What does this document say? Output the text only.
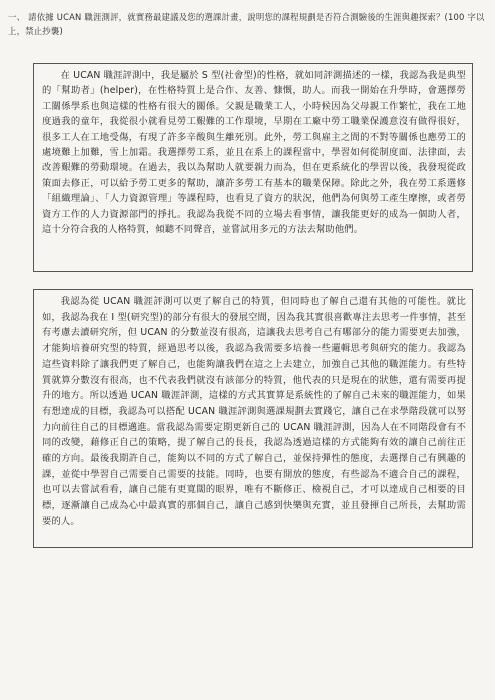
一、 請依據 UCAN 職涯測評，就實務最建議及您的選課計畫，說明您的課程規劃是否符合測驗後的生涯與趣探索？(100 字以上，禁止抄襲)

在 UCAN 職涯評測中，我是屬於 S 型(社會型)的性格，就如同評測描述的一樣，我認為我是典型的「幫助者」(helper)，在性格特質上是合作、友善、慷慨，助人。而我一開始在升學時，會選擇勞工關係學系也與這樣的性格有很大的關係。父親是職業工人，小時候因為父母親工作繁忙，我在工地度過我的童年，我從很小就看見勞工艱難的工作環境，早期在工廠中勞工職業保護意沒有做得很好，很多工人在工地受傷，有現了許多辛酸與生離死別。此外，勞工與雇主之間的不對等關係也應勞工的處境難上加難，雪上加霜。我選擇勞工系，並且在系上的課程當中，學習如何從制度面、法律面，去改善艱難的勞動環境。在過去，我以為幫助人就要親力而為，但在更系統化的學習以後，我發現從政策面去修正，可以給予勞工更多的幫助，讓許多勞工有基本的職業保障。除此之外，我在勞工系選修「組織理論」、「人力資源管理」等課程時，也看見了資方的狀況，他們為何與勞工產生摩擦，或者勞資方工作的人力資源部門的掙扎。我認為我從不同的立場去看事情，讓我能更好的成為一個助人者，這十分符合我的人格特質，傾聽不同聲音，並嘗試用多元的方法去幫助他們。

我認為從 UCAN 職涯評測可以更了解自己的特質，但同時也了解自己還有其他的可能性。就比如，我認為我在 I 型(研究型)的部分有很大的發展空間，因為我其實很喜歡專注去思考一件事情，甚至有考慮去讀研究所，但 UCAN 的分數並沒有很高，這讓我去思考自己有哪部分的能力需要更去加強，才能夠培養研究型的特質，經過思考以後，我認為我需要多培養一些邏輯思考與研究的能力。我認為這些資料除了讓我們更了解自己，也能夠讓我們在這之上去建立，加強自己其他的職涯能力。有些特質就算分數沒有很高，也不代表我們就沒有該部分的特質，他代表的只是現在的狀態，還有需要再提升的地方。所以透過 UCAN 職涯評測，這樣的方式其實算是系統性的了解自己未來的職涯能力，如果有想達成的目標，我認為可以搭配 UCAN 職涯評測與選課規劃去實踐它，讓自己在求學階段就可以努力向前往自己的目標邁進。當我認為需要定期更新自己的 UCAN 職涯評測，因為人在不同階段會有不同的改變，藉修正自己的策略，提了解自己的長長，我認為透過這樣的方式能夠有效的讓自己前往正確的方向。最後我期許自己，能夠以不同的方式了解自己，並保持彈性的態度，去選擇自己有興趣的課，並從中學習自己需要自己需要的技能。同時，也要有開放的態度，有些認為不適合自己的課程，也可以去嘗試看看，讓自己能有更寬闊的眼界，唯有不斷修正、檢視自己，才可以達成自己相要的目標，逐漸讓自己成為心中最真實的那個自己，讓自己感到快樂與充實，並且發揮自己所長，去幫助需要的人。
